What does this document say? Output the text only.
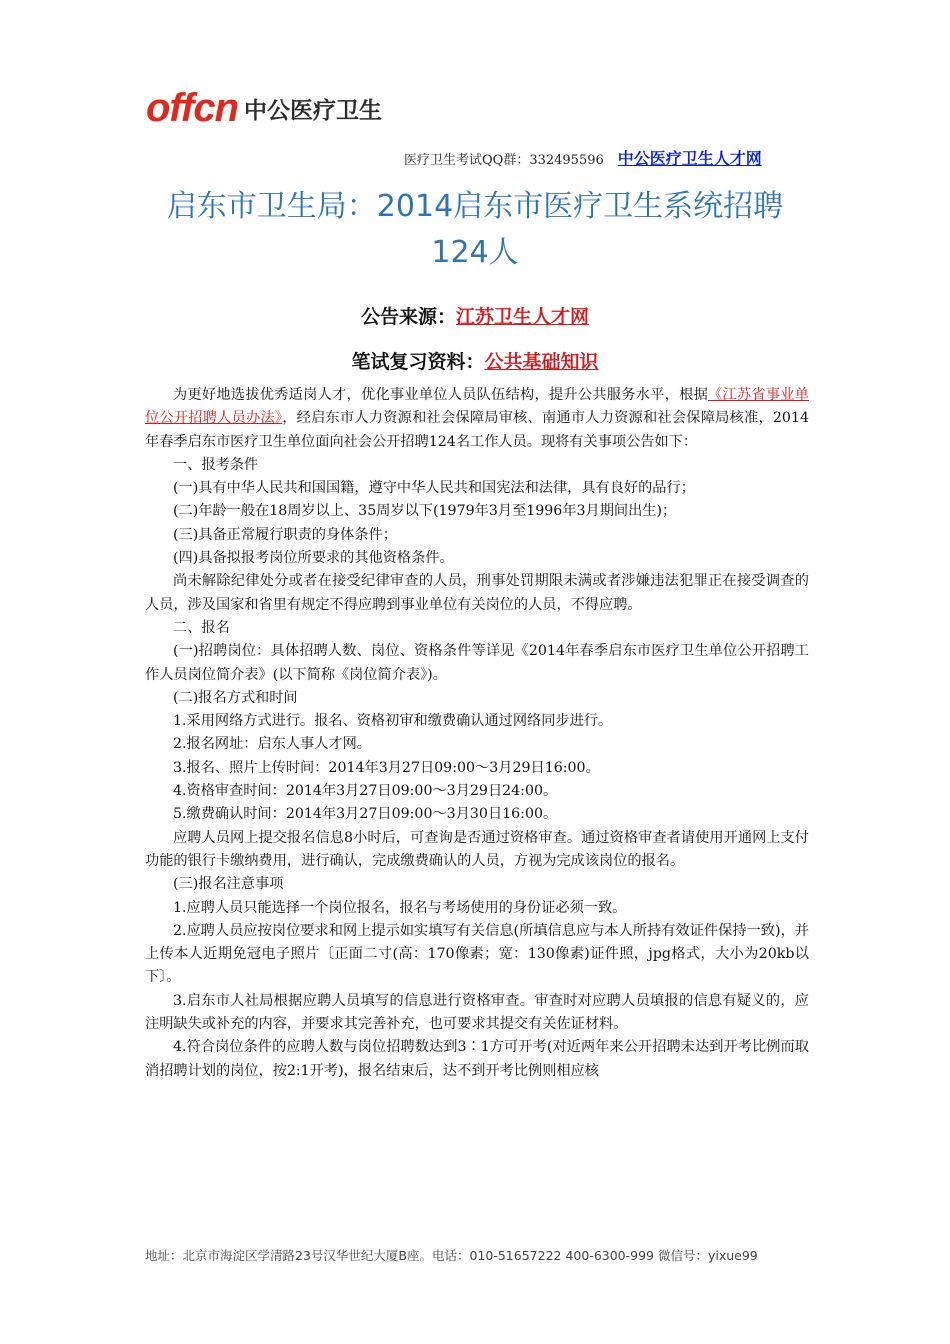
offcn 中公医疗卫生
医疗卫生考试QQ群：332495596 中公医疗卫生人才网
启东市卫生局：2014启东市医疗卫生系统招聘
124人
公告来源：江苏卫生人才网
笔试复习资料：公共基础知识

为更好地选拔优秀适岗人才，优化事业单位人员队伍结构，提升公共服务水平，根据《江苏省事业单位公开招聘人员办法》，经启东市人力资源和社会保障局审核、南通市人力资源和社会保障局核准，2014年春季启东市医疗卫生单位面向社会公开招聘124名工作人员。现将有关事项公告如下：

一、报考条件

(一)具有中华人民共和国国籍，遵守中华人民共和国宪法和法律，具有良好的品行；

(二)年龄一般在18周岁以上、35周岁以下(1979年3月至1996年3月期间出生)；

(三)具备正常履行职责的身体条件；

(四)具备拟报考岗位所要求的其他资格条件。

尚未解除纪律处分或者在接受纪律审查的人员，刑事处罚期限未满或者涉嫌违法犯罪正在接受调查的人员，涉及国家和省里有规定不得应聘到事业单位有关岗位的人员，不得应聘。

二、报名

(一)招聘岗位：具体招聘人数、岗位、资格条件等详见《2014年春季启东市医疗卫生单位公开招聘工作人员岗位简介表》(以下简称《岗位简介表》)。

(二)报名方式和时间

1.采用网络方式进行。报名、资格初审和缴费确认通过网络同步进行。

2.报名网址：启东人事人才网。

3.报名、照片上传时间：2014年3月27日09:00～3月29日16:00。

4.资格审查时间：2014年3月27日09:00～3月29日24:00。

5.缴费确认时间：2014年3月27日09:00～3月30日16:00。

应聘人员网上提交报名信息8小时后，可查询是否通过资格审查。通过资格审查者请使用开通网上支付功能的银行卡缴纳费用，进行确认，完成缴费确认的人员，方视为完成该岗位的报名。

(三)报名注意事项

1.应聘人员只能选择一个岗位报名，报名与考场使用的身份证必须一致。

2.应聘人员应按岗位要求和网上提示如实填写有关信息(所填信息应与本人所持有效证件保持一致)，并上传本人近期免冠电子照片〔正面二寸(高：170像素；宽：130像素)证件照，jpg格式，大小为20kb以下〕。

3.启东市人社局根据应聘人员填写的信息进行资格审查。审查时对应聘人员填报的信息有疑义的，应注明缺失或补充的内容，并要求其完善补充，也可要求其提交有关佐证材料。

4.符合岗位条件的应聘人数与岗位招聘数达到3∶1方可开考(对近两年来公开招聘未达到开考比例而取消招聘计划的岗位，按2:1开考)，报名结束后，达不到开考比例则相应核

地址：北京市海淀区学清路23号汉华世纪大厦B座。电话：010-51657222 400-6300-999 微信号：yixue99
